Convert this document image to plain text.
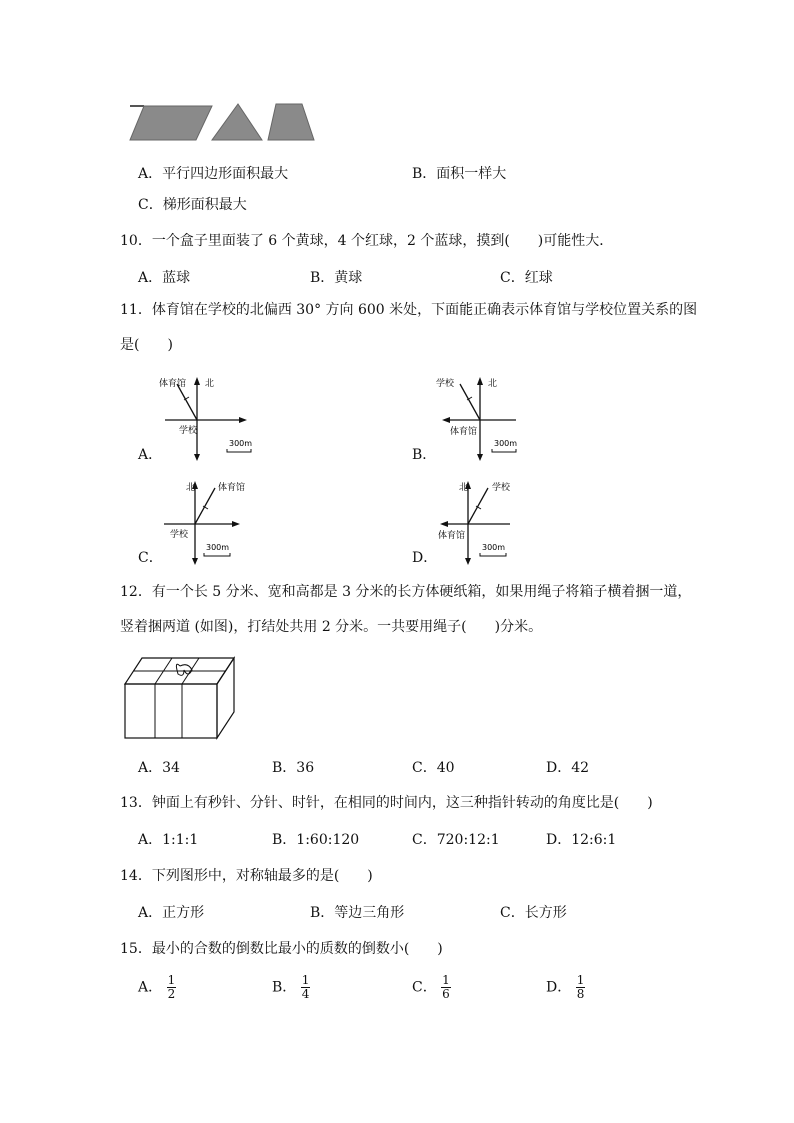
A．平行四边形面积最大	B．面积一样大
C．梯形面积最大
10．一个盒子里面装了 6 个黄球，4 个红球，2 个蓝球，摸到(　　)可能性大．
A．蓝球	B．黄球	C．红球
11．体育馆在学校的北偏西 30° 方向 600 米处，下面能正确表示体育馆与学校位置关系的图
是(　　)
A．
体育馆 北
学校
300m
B．
学校	北
体育馆
300m
C．
北	体育馆
学校
300m
D．
北	学校
体育馆
300m
12．有一个长 5 分米、宽和高都是 3 分米的长方体硬纸箱，如果用绳子将箱子横着捆一道，
竖着捆两道 (如图)，打结处共用 2 分米。一共要用绳子(　　)分米。
A．34	B．36	C．40	D．42
13．钟面上有秒针、分针、时针，在相同的时间内，这三种指针转动的角度比是(　　)
A．1:1:1	B．1:60:120	C．720:12:1	D．12:6:1
14．下列图形中，对称轴最多的是(　　)
A．正方形	B．等边三角形	C．长方形
15．最小的合数的倒数比最小的质数的倒数小(　　)
A． $\frac{1}{2}$	B． $\frac{1}{4}$	C． $\frac{1}{6}$	D． $\frac{1}{8}$
